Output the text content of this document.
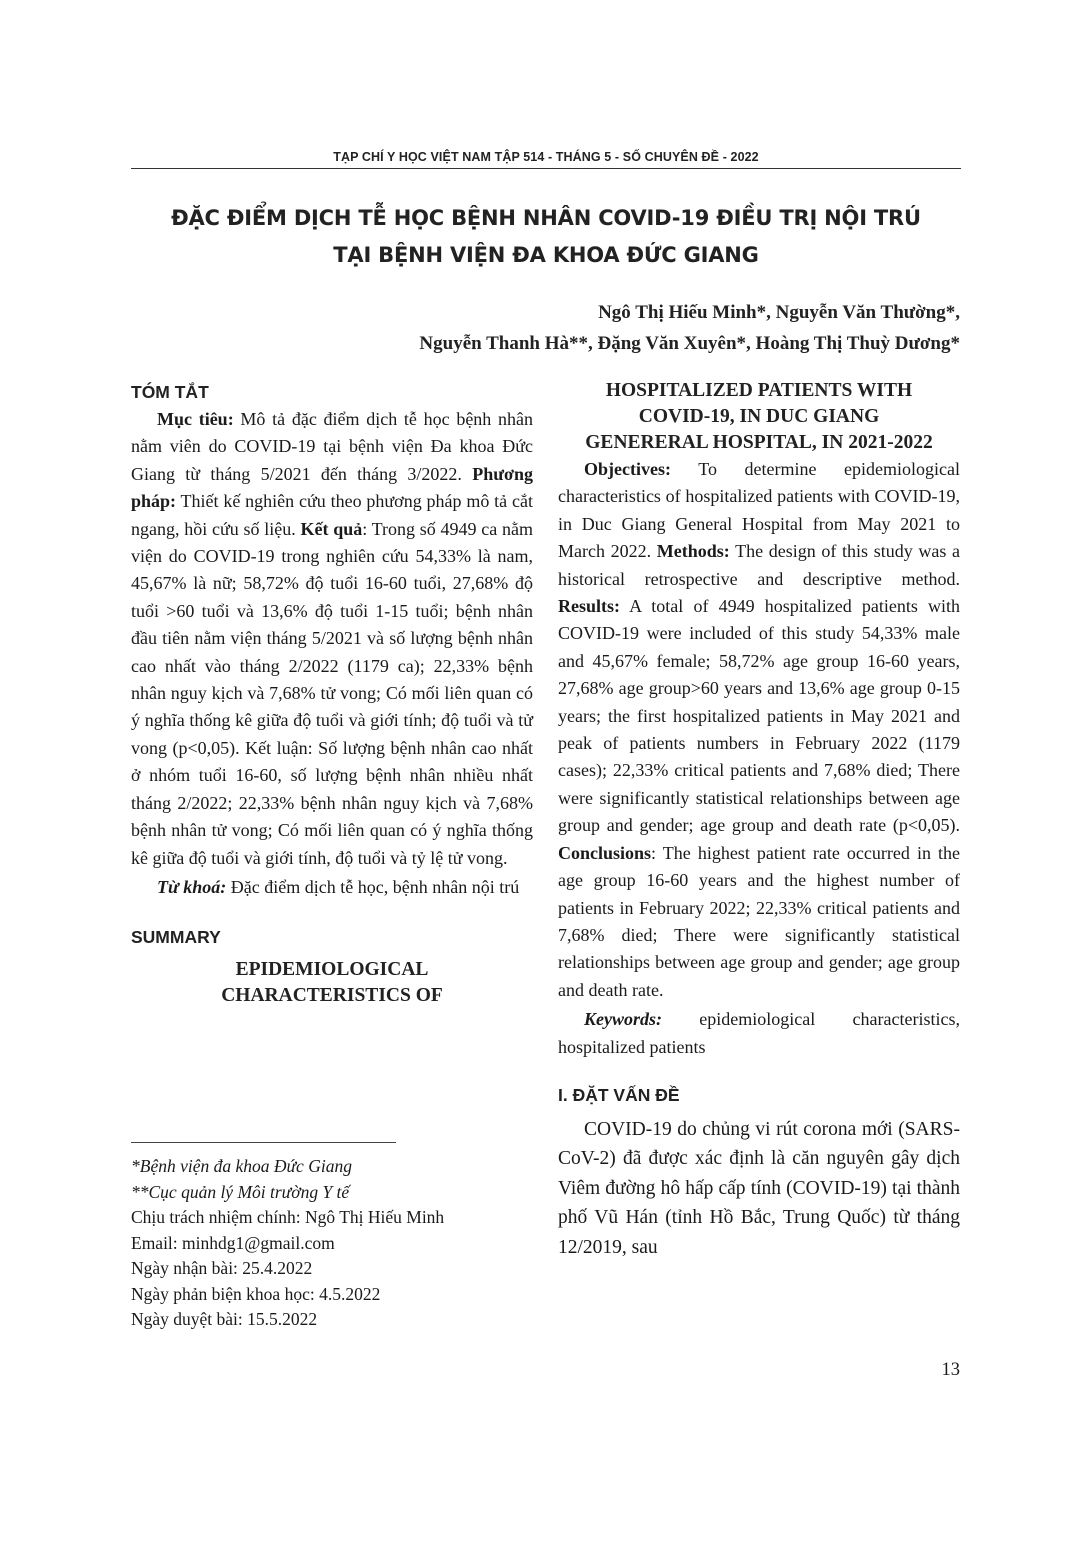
TẠP CHÍ Y HỌC VIỆT NAM TẬP 514 - THÁNG 5 - SỐ CHUYÊN ĐỀ - 2022
ĐẶC ĐIỂM DỊCH TỄ HỌC BỆNH NHÂN COVID-19 ĐIỀU TRỊ NỘI TRÚ
TẠI BỆNH VIỆN ĐA KHOA ĐỨC GIANG
Ngô Thị Hiếu Minh*, Nguyễn Văn Thường*,
Nguyễn Thanh Hà**, Đặng Văn Xuyên*, Hoàng Thị Thuỳ Dương*
TÓM TẮT

Mục tiêu: Mô tả đặc điểm dịch tễ học bệnh nhân nằm viên do COVID-19 tại bệnh viện Đa khoa Đức Giang từ tháng 5/2021 đến tháng 3/2022. Phương pháp: Thiết kế nghiên cứu theo phương pháp mô tả cắt ngang, hồi cứu số liệu. Kết quả: Trong số 4949 ca nằm viện do COVID-19 trong nghiên cứu 54,33% là nam, 45,67% là nữ; 58,72% độ tuổi 16-60 tuổi, 27,68% độ tuổi >60 tuổi và 13,6% độ tuổi 1-15 tuổi; bệnh nhân đầu tiên nằm viện tháng 5/2021 và số lượng bệnh nhân cao nhất vào tháng 2/2022 (1179 ca); 22,33% bệnh nhân nguy kịch và 7,68% tử vong; Có mối liên quan có ý nghĩa thống kê giữa độ tuổi và giới tính; độ tuổi và tử vong (p<0,05). Kết luận: Số lượng bệnh nhân cao nhất ở nhóm tuổi 16-60, số lượng bệnh nhân nhiều nhất tháng 2/2022; 22,33% bệnh nhân nguy kịch và 7,68% bệnh nhân tử vong; Có mối liên quan có ý nghĩa thống kê giữa độ tuổi và giới tính, độ tuổi và tỷ lệ tử vong.

Từ khoá: Đặc điểm dịch tễ học, bệnh nhân nội trú

SUMMARY
EPIDEMIOLOGICAL
CHARACTERISTICS OF
HOSPITALIZED PATIENTS WITH
COVID-19, IN DUC GIANG
GENERERAL HOSPITAL, IN 2021-2022

Objectives: To determine epidemiological characteristics of hospitalized patients with COVID-19, in Duc Giang General Hospital from May 2021 to March 2022. Methods: The design of this study was a historical retrospective and descriptive method. Results: A total of 4949 hospitalized patients with COVID-19 were included of this study 54,33% male and 45,67% female; 58,72% age group 16-60 years, 27,68% age group>60 years and 13,6% age group 0-15 years; the first hospitalized patients in May 2021 and peak of patients numbers in February 2022 (1179 cases); 22,33% critical patients and 7,68% died; There were significantly statistical relationships between age group and gender; age group and death rate (p<0,05). Conclusions: The highest patient rate occurred in the age group 16-60 years and the highest number of patients in February 2022; 22,33% critical patients and 7,68% died; There were significantly statistical relationships between age group and gender; age group and death rate.

Keywords: epidemiological characteristics, hospitalized patients

I. ĐẶT VẤN ĐỀ

COVID-19 do chủng vi rút corona mới (SARS-CoV-2) đã được xác định là căn nguyên gây dịch Viêm đường hô hấp cấp tính (COVID-19) tại thành phố Vũ Hán (tỉnh Hồ Bắc, Trung Quốc) từ tháng 12/2019, sau

*Bệnh viện đa khoa Đức Giang
**Cục quản lý Môi trường Y tế
Chịu trách nhiệm chính: Ngô Thị Hiếu Minh
Email: minhdg1@gmail.com
Ngày nhận bài: 25.4.2022
Ngày phản biện khoa học: 4.5.2022
Ngày duyệt bài: 15.5.2022
13
